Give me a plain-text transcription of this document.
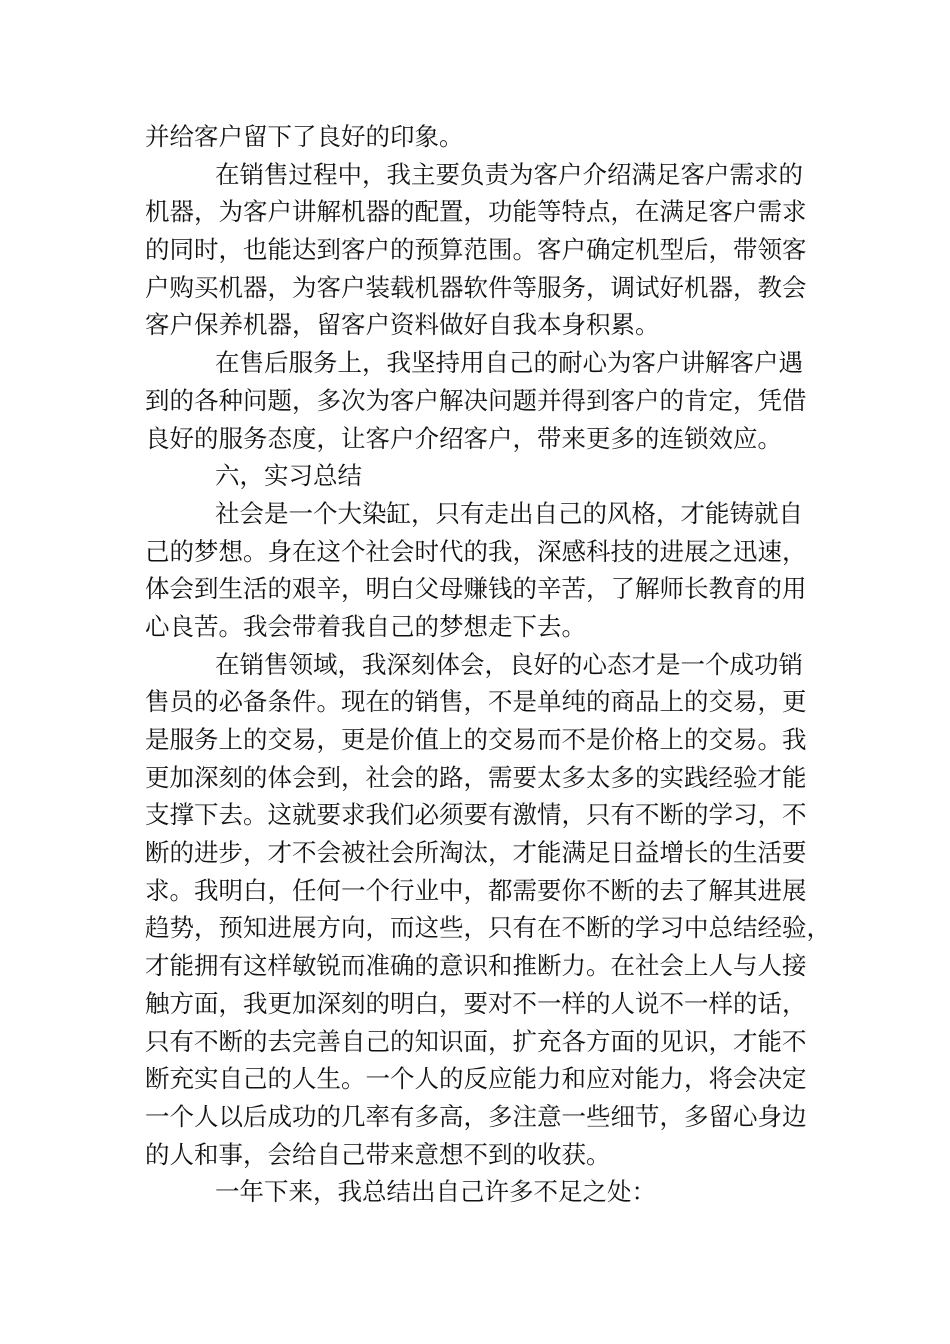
并给客户留下了良好的印象。
在销售过程中，我主要负责为客户介绍满足客户需求的
机器，为客户讲解机器的配置，功能等特点，在满足客户需求
的同时，也能达到客户的预算范围。客户确定机型后，带领客
户购买机器，为客户装载机器软件等服务，调试好机器，教会
客户保养机器，留客户资料做好自我本身积累。
在售后服务上，我坚持用自己的耐心为客户讲解客户遇
到的各种问题，多次为客户解决问题并得到客户的肯定，凭借
良好的服务态度，让客户介绍客户，带来更多的连锁效应。
六，实习总结
社会是一个大染缸，只有走出自己的风格，才能铸就自
己的梦想。身在这个社会时代的我，深感科技的进展之迅速，
体会到生活的艰辛，明白父母赚钱的辛苦，了解师长教育的用
心良苦。我会带着我自己的梦想走下去。
在销售领域，我深刻体会，良好的心态才是一个成功销
售员的必备条件。现在的销售，不是单纯的商品上的交易，更
是服务上的交易，更是价值上的交易而不是价格上的交易。我
更加深刻的体会到，社会的路，需要太多太多的实践经验才能
支撑下去。这就要求我们必须要有激情，只有不断的学习，不
断的进步，才不会被社会所淘汰，才能满足日益增长的生活要
求。我明白，任何一个行业中，都需要你不断的去了解其进展
趋势，预知进展方向，而这些，只有在不断的学习中总结经验，
才能拥有这样敏锐而准确的意识和推断力。在社会上人与人接
触方面，我更加深刻的明白，要对不一样的人说不一样的话，
只有不断的去完善自己的知识面，扩充各方面的见识，才能不
断充实自己的人生。一个人的反应能力和应对能力，将会决定
一个人以后成功的几率有多高，多注意一些细节，多留心身边
的人和事，会给自己带来意想不到的收获。
一年下来，我总结出自己许多不足之处：
